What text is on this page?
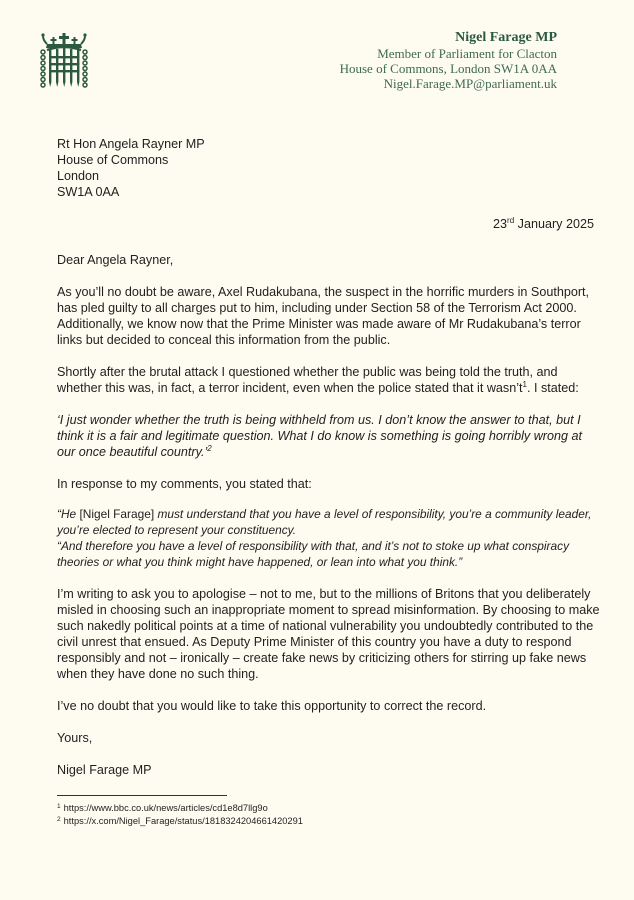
Nigel Farage MP
Member of Parliament for Clacton
House of Commons, London SW1A 0AA
Nigel.Farage.MP@parliament.uk
Rt Hon Angela Rayner MP
House of Commons
London
SW1A 0AA
23rd January 2025

Dear Angela Rayner,

As you’ll no doubt be aware, Axel Rudakubana, the suspect in the horrific murders in Southport, has pled guilty to all charges put to him, including under Section 58 of the Terrorism Act 2000. Additionally, we know now that the Prime Minister was made aware of Mr Rudakubana’s terror links but decided to conceal this information from the public.

Shortly after the brutal attack I questioned whether the public was being told the truth, and whether this was, in fact, a terror incident, even when the police stated that it wasn’t$^1$. I stated:

‘I just wonder whether the truth is being withheld from us. I don’t know the answer to that, but I think it is a fair and legitimate question. What I do know is something is going horribly wrong at our once beautiful country.’$^2$

In response to my comments, you stated that:

“He [Nigel Farage] must understand that you have a level of responsibility, you’re a community leader, you’re elected to represent your constituency.
“And therefore you have a level of responsibility with that, and it’s not to stoke up what conspiracy theories or what you think might have happened, or lean into what you think.”

I’m writing to ask you to apologise – not to me, but to the millions of Britons that you deliberately misled in choosing such an inappropriate moment to spread misinformation. By choosing to make such nakedly political points at a time of national vulnerability you undoubtedly contributed to the civil unrest that ensued. As Deputy Prime Minister of this country you have a duty to respond responsibly and not – ironically – create fake news by criticizing others for stirring up fake news when they have done no such thing.

I’ve no doubt that you would like to take this opportunity to correct the record.

Yours,

Nigel Farage MP

$^1$ https://www.bbc.co.uk/news/articles/cd1e8d7llg9o
$^2$ https://x.com/Nigel_Farage/status/1818324204661420291
